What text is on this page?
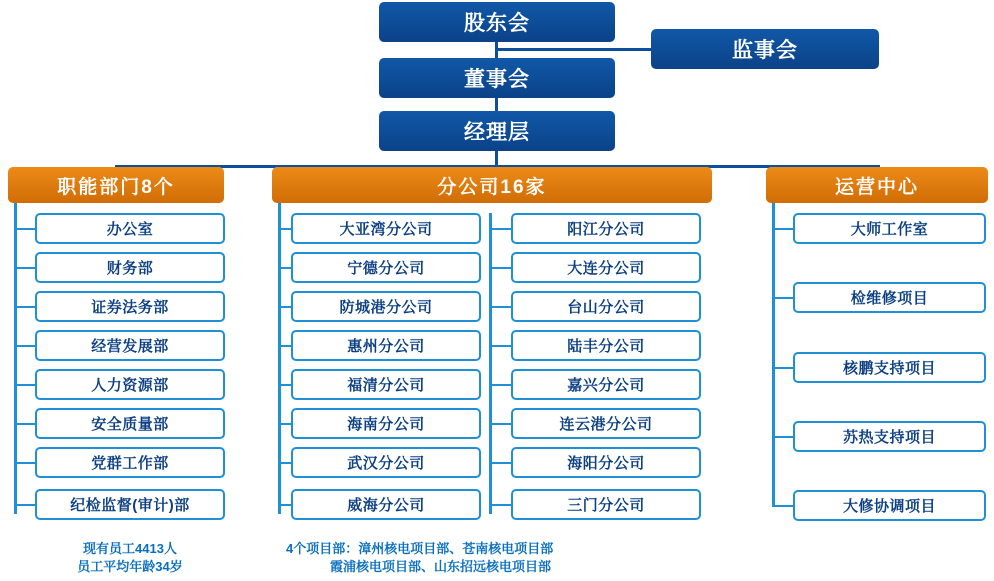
股东会
监事会
董事会
经理层
职能部门8个	分公司16家	运营中心
办公室
财务部
证券法务部
经营发展部
人力资源部
安全质量部
党群工作部
纪检监督(审计)部
大亚湾分公司
宁德分公司
防城港分公司
惠州分公司
福清分公司
海南分公司
武汉分公司
威海分公司
阳江分公司
大连分公司
台山分公司
陆丰分公司
嘉兴分公司
连云港分公司
海阳分公司
三门分公司
大师工作室
检维修项目
核鹏支持项目
苏热支持项目
大修协调项目
现有员工4413人
员工平均年龄34岁
4个项目部：漳州核电项目部、苍南核电项目部
霞浦核电项目部、山东招远核电项目部
